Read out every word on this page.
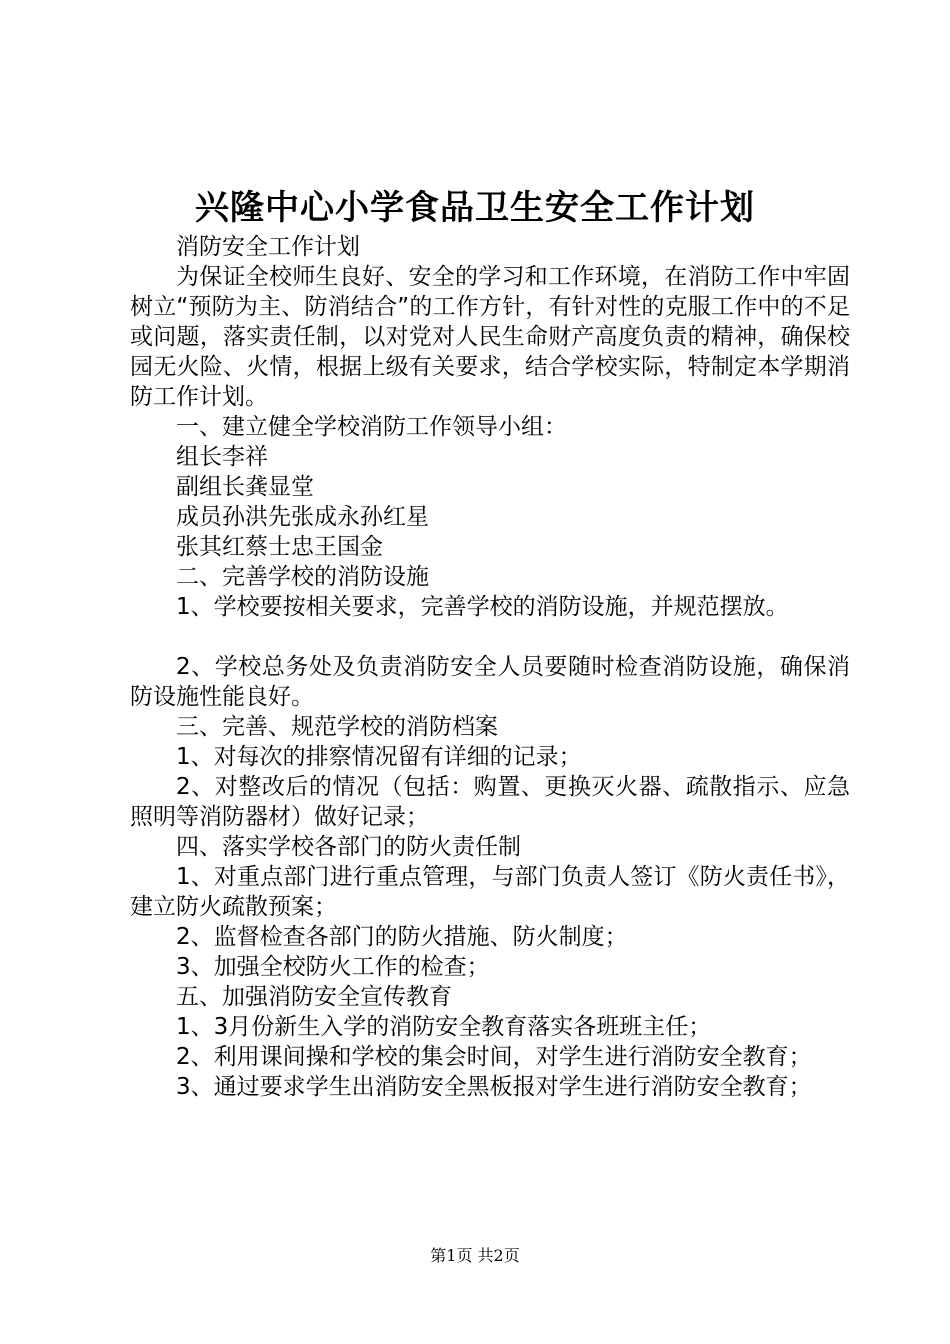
兴隆中心小学食品卫生安全工作计划

消防安全工作计划

为保证全校师生良好、安全的学习和工作环境，在消防工作中牢固树立“预防为主、防消结合”的工作方针，有针对性的克服工作中的不足或问题，落实责任制，以对党对人民生命财产高度负责的精神，确保校园无火险、火情，根据上级有关要求，结合学校实际，特制定本学期消防工作计划。

一、建立健全学校消防工作领导小组：

组长李祥

副组长龚显堂

成员孙洪先张成永孙红星

张其红蔡士忠王国金

二、完善学校的消防设施

1、学校要按相关要求，完善学校的消防设施，并规范摆放。

2、学校总务处及负责消防安全人员要随时检查消防设施，确保消防设施性能良好。

三、完善、规范学校的消防档案

1、对每次的排察情况留有详细的记录；

2、对整改后的情况（包括：购置、更换灭火器、疏散指示、应急照明等消防器材）做好记录；

四、落实学校各部门的防火责任制

1、对重点部门进行重点管理，与部门负责人签订《防火责任书》，建立防火疏散预案；

2、监督检查各部门的防火措施、防火制度；

3、加强全校防火工作的检查；

五、加强消防安全宣传教育

1、3月份新生入学的消防安全教育落实各班班主任；

2、利用课间操和学校的集会时间，对学生进行消防安全教育；

3、通过要求学生出消防安全黑板报对学生进行消防安全教育；

第1页 共2页
